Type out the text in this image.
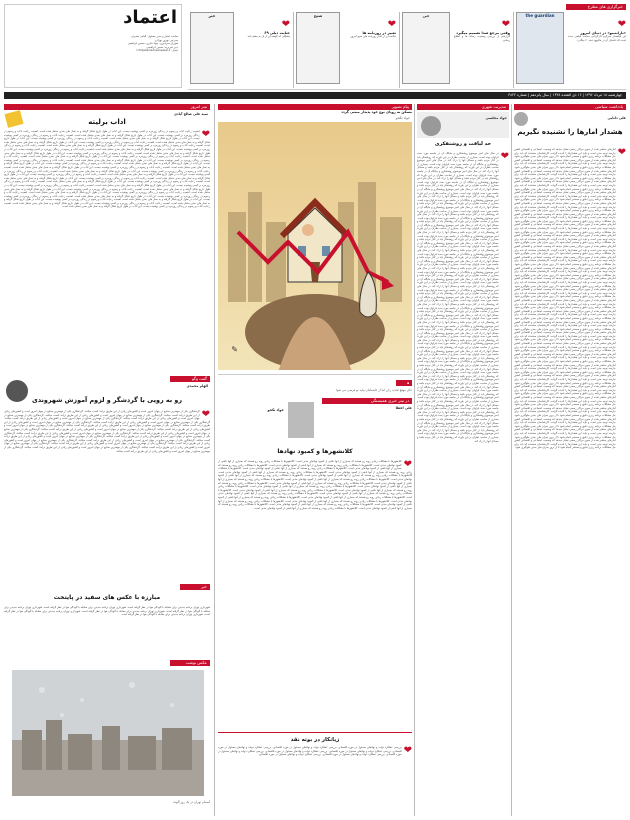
اعتماد
صاحب امتیاز و مدیر مسئول: الیاس حضرتی
سردبیر: بهروز بهزادی
شورای سردبیری: جواد دلیری، حسین ابراهیمی
دبیر تحریریه: حسین ابراهیمی
ایمیل: info@etemadnewspaper.ir
خبرگزاری های مطرح
the guardian
❤
«تارانتینو» در دنیای امروز
این فیلمساز سرگرم کارگردانی ساخت فیلمی جدید است که داستان آن در هالیوود دهه ۶۰ میگذرد.
جی
❤
وقتی مرجع صدا تصمیم میگیرد
گزارشی از بررسی وضعیت رسانه ها و اطلاع رسانی.
صبح
❤
تغییر در روزنامه ها
خلاصه ای از اخبار روزنامه های صبح امروز.
خبر
❤
جنایت دیلی ۶۹
مشکلی که گوشه ای از آن به چشم آمد.
چهارشنبه ۱۸ مرداد ۱۳۹۶ | ۱۶ ذی القعده ۱۴۳۸ | سال پانزدهم | شماره ۳۸۲۲
یادداشت سیاسی
علی دانایی
هشدار آمارها را نشنیده نگیریم
❤
آمارهای منتشر شده از سوی مراکز رسمی نشان میدهد که وضعیت اجتماعی و اقتصادی کشور نیازمند توجه جدی است و نباید این هشدارها را نادیده گرفت. کارشناسان معتقدند که باید برای حل مشکلات برنامه ریزی دقیق و مستمر انجام شود تا از بروز بحران های بعدی جلوگیری شود. آمارهای منتشر شده از سوی مراکز رسمی نشان میدهد که وضعیت اجتماعی و اقتصادی کشور نیازمند توجه جدی است و نباید این هشدارها را نادیده گرفت. کارشناسان معتقدند که باید برای حل مشکلات برنامه ریزی دقیق و مستمر انجام شود تا از بروز بحران های بعدی جلوگیری شود. آمارهای منتشر شده از سوی مراکز رسمی نشان میدهد که وضعیت اجتماعی و اقتصادی کشور نیازمند توجه جدی است و نباید این هشدارها را نادیده گرفت. کارشناسان معتقدند که باید برای حل مشکلات برنامه ریزی دقیق و مستمر انجام شود تا از بروز بحران های بعدی جلوگیری شود. آمارهای منتشر شده از سوی مراکز رسمی نشان میدهد که وضعیت اجتماعی و اقتصادی کشور نیازمند توجه جدی است و نباید این هشدارها را نادیده گرفت. کارشناسان معتقدند که باید برای حل مشکلات برنامه ریزی دقیق و مستمر انجام شود تا از بروز بحران های بعدی جلوگیری شود. آمارهای منتشر شده از سوی مراکز رسمی نشان میدهد که وضعیت اجتماعی و اقتصادی کشور نیازمند توجه جدی است و نباید این هشدارها را نادیده گرفت. کارشناسان معتقدند که باید برای حل مشکلات برنامه ریزی دقیق و مستمر انجام شود تا از بروز بحران های بعدی جلوگیری شود. آمارهای منتشر شده از سوی مراکز رسمی نشان میدهد که وضعیت اجتماعی و اقتصادی کشور نیازمند توجه جدی است و نباید این هشدارها را نادیده گرفت. کارشناسان معتقدند که باید برای حل مشکلات برنامه ریزی دقیق و مستمر انجام شود تا از بروز بحران های بعدی جلوگیری شود. آمارهای منتشر شده از سوی مراکز رسمی نشان میدهد که وضعیت اجتماعی و اقتصادی کشور نیازمند توجه جدی است و نباید این هشدارها را نادیده گرفت. کارشناسان معتقدند که باید برای حل مشکلات برنامه ریزی دقیق و مستمر انجام شود تا از بروز بحران های بعدی جلوگیری شود. آمارهای منتشر شده از سوی مراکز رسمی نشان میدهد که وضعیت اجتماعی و اقتصادی کشور نیازمند توجه جدی است و نباید این هشدارها را نادیده گرفت. کارشناسان معتقدند که باید برای حل مشکلات برنامه ریزی دقیق و مستمر انجام شود تا از بروز بحران های بعدی جلوگیری شود. آمارهای منتشر شده از سوی مراکز رسمی نشان میدهد که وضعیت اجتماعی و اقتصادی کشور نیازمند توجه جدی است و نباید این هشدارها را نادیده گرفت. کارشناسان معتقدند که باید برای حل مشکلات برنامه ریزی دقیق و مستمر انجام شود تا از بروز بحران های بعدی جلوگیری شود. آمارهای منتشر شده از سوی مراکز رسمی نشان میدهد که وضعیت اجتماعی و اقتصادی کشور نیازمند توجه جدی است و نباید این هشدارها را نادیده گرفت. کارشناسان معتقدند که باید برای حل مشکلات برنامه ریزی دقیق و مستمر انجام شود تا از بروز بحران های بعدی جلوگیری شود. آمارهای منتشر شده از سوی مراکز رسمی نشان میدهد که وضعیت اجتماعی و اقتصادی کشور نیازمند توجه جدی است و نباید این هشدارها را نادیده گرفت. کارشناسان معتقدند که باید برای حل مشکلات برنامه ریزی دقیق و مستمر انجام شود تا از بروز بحران های بعدی جلوگیری شود. آمارهای منتشر شده از سوی مراکز رسمی نشان میدهد که وضعیت اجتماعی و اقتصادی کشور نیازمند توجه جدی است و نباید این هشدارها را نادیده گرفت. کارشناسان معتقدند که باید برای حل مشکلات برنامه ریزی دقیق و مستمر انجام شود تا از بروز بحران های بعدی جلوگیری شود. آمارهای منتشر شده از سوی مراکز رسمی نشان میدهد که وضعیت اجتماعی و اقتصادی کشور نیازمند توجه جدی است و نباید این هشدارها را نادیده گرفت. کارشناسان معتقدند که باید برای حل مشکلات برنامه ریزی دقیق و مستمر انجام شود تا از بروز بحران های بعدی جلوگیری شود. آمارهای منتشر شده از سوی مراکز رسمی نشان میدهد که وضعیت اجتماعی و اقتصادی کشور نیازمند توجه جدی است و نباید این هشدارها را نادیده گرفت. کارشناسان معتقدند که باید برای حل مشکلات برنامه ریزی دقیق و مستمر انجام شود تا از بروز بحران های بعدی جلوگیری شود. آمارهای منتشر شده از سوی مراکز رسمی نشان میدهد که وضعیت اجتماعی و اقتصادی کشور نیازمند توجه جدی است و نباید این هشدارها را نادیده گرفت. کارشناسان معتقدند که باید برای حل مشکلات برنامه ریزی دقیق و مستمر انجام شود تا از بروز بحران های بعدی جلوگیری شود. آمارهای منتشر شده از سوی مراکز رسمی نشان میدهد که وضعیت اجتماعی و اقتصادی کشور نیازمند توجه جدی است و نباید این هشدارها را نادیده گرفت. کارشناسان معتقدند که باید برای حل مشکلات برنامه ریزی دقیق و مستمر انجام شود تا از بروز بحران های بعدی جلوگیری شود. آمارهای منتشر شده از سوی مراکز رسمی نشان میدهد که وضعیت اجتماعی و اقتصادی کشور نیازمند توجه جدی است و نباید این هشدارها را نادیده گرفت. کارشناسان معتقدند که باید برای حل مشکلات برنامه ریزی دقیق و مستمر انجام شود تا از بروز بحران های بعدی جلوگیری شود. آمارهای منتشر شده از سوی مراکز رسمی نشان میدهد که وضعیت اجتماعی و اقتصادی کشور نیازمند توجه جدی است و نباید این هشدارها را نادیده گرفت. کارشناسان معتقدند که باید برای حل مشکلات برنامه ریزی دقیق و مستمر انجام شود تا از بروز بحران های بعدی جلوگیری شود. آمارهای منتشر شده از سوی مراکز رسمی نشان میدهد که وضعیت اجتماعی و اقتصادی کشور نیازمند توجه جدی است و نباید این هشدارها را نادیده گرفت. کارشناسان معتقدند که باید برای حل مشکلات برنامه ریزی دقیق و مستمر انجام شود تا از بروز بحران های بعدی جلوگیری شود. آمارهای منتشر شده از سوی مراکز رسمی نشان میدهد که وضعیت اجتماعی و اقتصادی کشور نیازمند توجه جدی است و نباید این هشدارها را نادیده گرفت. کارشناسان معتقدند که باید برای حل مشکلات برنامه ریزی دقیق و مستمر انجام شود تا از بروز بحران های بعدی جلوگیری شود. آمارهای منتشر شده از سوی مراکز رسمی نشان میدهد که وضعیت اجتماعی و اقتصادی کشور نیازمند توجه جدی است و نباید این هشدارها را نادیده گرفت. کارشناسان معتقدند که باید برای حل مشکلات برنامه ریزی دقیق و مستمر انجام شود تا از بروز بحران های بعدی جلوگیری شود. آمارهای منتشر شده از سوی مراکز رسمی نشان میدهد که وضعیت اجتماعی و اقتصادی کشور نیازمند توجه جدی است و نباید این هشدارها را نادیده گرفت. کارشناسان معتقدند که باید برای حل مشکلات برنامه ریزی دقیق و مستمر انجام شود تا از بروز بحران های بعدی جلوگیری شود. آمارهای منتشر شده از سوی مراکز رسمی نشان میدهد که وضعیت اجتماعی و اقتصادی کشور نیازمند توجه جدی است و نباید این هشدارها را نادیده گرفت. کارشناسان معتقدند که باید برای حل مشکلات برنامه ریزی دقیق و مستمر انجام شود تا از بروز بحران های بعدی جلوگیری شود. آمارهای منتشر شده از سوی مراکز رسمی نشان میدهد که وضعیت اجتماعی و اقتصادی کشور نیازمند توجه جدی است و نباید این هشدارها را نادیده گرفت. کارشناسان معتقدند که باید برای حل مشکلات برنامه ریزی دقیق و مستمر انجام شود تا از بروز بحران های بعدی جلوگیری شود. آمارهای منتشر شده از سوی مراکز رسمی نشان میدهد که وضعیت اجتماعی و اقتصادی کشور نیازمند توجه جدی است و نباید این هشدارها را نادیده گرفت. کارشناسان معتقدند که باید برای حل مشکلات برنامه ریزی دقیق و مستمر انجام شود تا از بروز بحران های بعدی جلوگیری شود. آمارهای منتشر شده از سوی مراکز رسمی نشان میدهد که وضعیت اجتماعی و اقتصادی کشور نیازمند توجه جدی است و نباید این هشدارها را نادیده گرفت. کارشناسان معتقدند که باید برای حل مشکلات برنامه ریزی دقیق و مستمر انجام شود تا از بروز بحران های بعدی جلوگیری شود. آمارهای منتشر شده از سوی مراکز رسمی نشان میدهد که وضعیت اجتماعی و اقتصادی کشور نیازمند توجه جدی است و نباید این هشدارها را نادیده گرفت. کارشناسان معتقدند که باید برای حل مشکلات برنامه ریزی دقیق و مستمر انجام شود تا از بروز بحران های بعدی جلوگیری شود. آمارهای منتشر شده از سوی مراکز رسمی نشان میدهد که وضعیت اجتماعی و اقتصادی کشور نیازمند توجه جدی است و نباید این هشدارها را نادیده گرفت. کارشناسان معتقدند که باید برای حل مشکلات برنامه ریزی دقیق و مستمر انجام شود تا از بروز بحران های بعدی جلوگیری شود.
مدیریت شهری
جواد مجلسی
حد لیاقت و روشنفکری
❤
در سال های اخیر موضوع روشنفکری و جایگاه آن در جامعه مورد بحث فراوان بوده است. بسیاری از صاحب نظران بر این باورند که روشنفکر باید در کنار مردم باشد و مسائل آنها را درک کند. در سال های اخیر موضوع روشنفکری و جایگاه آن در جامعه مورد بحث فراوان بوده است. بسیاری از صاحب نظران بر این باورند که روشنفکر باید در کنار مردم باشد و مسائل آنها را درک کند. در سال های اخیر موضوع روشنفکری و جایگاه آن در جامعه مورد بحث فراوان بوده است. بسیاری از صاحب نظران بر این باورند که روشنفکر باید در کنار مردم باشد و مسائل آنها را درک کند. در سال های اخیر موضوع روشنفکری و جایگاه آن در جامعه مورد بحث فراوان بوده است. بسیاری از صاحب نظران بر این باورند که روشنفکر باید در کنار مردم باشد و مسائل آنها را درک کند. در سال های اخیر موضوع روشنفکری و جایگاه آن در جامعه مورد بحث فراوان بوده است. بسیاری از صاحب نظران بر این باورند که روشنفکر باید در کنار مردم باشد و مسائل آنها را درک کند. در سال های اخیر موضوع روشنفکری و جایگاه آن در جامعه مورد بحث فراوان بوده است. بسیاری از صاحب نظران بر این باورند که روشنفکر باید در کنار مردم باشد و مسائل آنها را درک کند. در سال های اخیر موضوع روشنفکری و جایگاه آن در جامعه مورد بحث فراوان بوده است. بسیاری از صاحب نظران بر این باورند که روشنفکر باید در کنار مردم باشد و مسائل آنها را درک کند. در سال های اخیر موضوع روشنفکری و جایگاه آن در جامعه مورد بحث فراوان بوده است. بسیاری از صاحب نظران بر این باورند که روشنفکر باید در کنار مردم باشد و مسائل آنها را درک کند. در سال های اخیر موضوع روشنفکری و جایگاه آن در جامعه مورد بحث فراوان بوده است. بسیاری از صاحب نظران بر این باورند که روشنفکر باید در کنار مردم باشد و مسائل آنها را درک کند. در سال های اخیر موضوع روشنفکری و جایگاه آن در جامعه مورد بحث فراوان بوده است. بسیاری از صاحب نظران بر این باورند که روشنفکر باید در کنار مردم باشد و مسائل آنها را درک کند. در سال های اخیر موضوع روشنفکری و جایگاه آن در جامعه مورد بحث فراوان بوده است. بسیاری از صاحب نظران بر این باورند که روشنفکر باید در کنار مردم باشد و مسائل آنها را درک کند. در سال های اخیر موضوع روشنفکری و جایگاه آن در جامعه مورد بحث فراوان بوده است. بسیاری از صاحب نظران بر این باورند که روشنفکر باید در کنار مردم باشد و مسائل آنها را درک کند. در سال های اخیر موضوع روشنفکری و جایگاه آن در جامعه مورد بحث فراوان بوده است. بسیاری از صاحب نظران بر این باورند که روشنفکر باید در کنار مردم باشد و مسائل آنها را درک کند. در سال های اخیر موضوع روشنفکری و جایگاه آن در جامعه مورد بحث فراوان بوده است. بسیاری از صاحب نظران بر این باورند که روشنفکر باید در کنار مردم باشد و مسائل آنها را درک کند. در سال های اخیر موضوع روشنفکری و جایگاه آن در جامعه مورد بحث فراوان بوده است. بسیاری از صاحب نظران بر این باورند که روشنفکر باید در کنار مردم باشد و مسائل آنها را درک کند. در سال های اخیر موضوع روشنفکری و جایگاه آن در جامعه مورد بحث فراوان بوده است. بسیاری از صاحب نظران بر این باورند که روشنفکر باید در کنار مردم باشد و مسائل آنها را درک کند. در سال های اخیر موضوع روشنفکری و جایگاه آن در جامعه مورد بحث فراوان بوده است. بسیاری از صاحب نظران بر این باورند که روشنفکر باید در کنار مردم باشد و مسائل آنها را درک کند. در سال های اخیر موضوع روشنفکری و جایگاه آن در جامعه مورد بحث فراوان بوده است. بسیاری از صاحب نظران بر این باورند که روشنفکر باید در کنار مردم باشد و مسائل آنها را درک کند. در سال های اخیر موضوع روشنفکری و جایگاه آن در جامعه مورد بحث فراوان بوده است. بسیاری از صاحب نظران بر این باورند که روشنفکر باید در کنار مردم باشد و مسائل آنها را درک کند. در سال های اخیر موضوع روشنفکری و جایگاه آن در جامعه مورد بحث فراوان بوده است. بسیاری از صاحب نظران بر این باورند که روشنفکر باید در کنار مردم باشد و مسائل آنها را درک کند. در سال های اخیر موضوع روشنفکری و جایگاه آن در جامعه مورد بحث فراوان بوده است. بسیاری از صاحب نظران بر این باورند که روشنفکر باید در کنار مردم باشد و مسائل آنها را درک کند. در سال های اخیر موضوع روشنفکری و جایگاه آن در جامعه مورد بحث فراوان بوده است. بسیاری از صاحب نظران بر این باورند که روشنفکر باید در کنار مردم باشد و مسائل آنها را درک کند. در سال های اخیر موضوع روشنفکری و جایگاه آن در جامعه مورد بحث فراوان بوده است. بسیاری از صاحب نظران بر این باورند که روشنفکر باید در کنار مردم باشد و مسائل آنها را درک کند. در سال های اخیر موضوع روشنفکری و جایگاه آن در جامعه مورد بحث فراوان بوده است. بسیاری از صاحب نظران بر این باورند که روشنفکر باید در کنار مردم باشد و مسائل آنها را درک کند. در سال های اخیر موضوع روشنفکری و جایگاه آن در جامعه مورد بحث فراوان بوده است. بسیاری از صاحب نظران بر این باورند که روشنفکر باید در کنار مردم باشد و مسائل آنها را درک کند. در سال های اخیر موضوع روشنفکری و جایگاه آن در جامعه مورد بحث فراوان بوده است. بسیاری از صاحب نظران بر این باورند که روشنفکر باید در کنار مردم باشد و مسائل آنها را درک کند. در سال های اخیر موضوع روشنفکری و جایگاه آن در جامعه مورد بحث فراوان بوده است. بسیاری از صاحب نظران بر این باورند که روشنفکر باید در کنار مردم باشد و مسائل آنها را درک کند. در سال های اخیر موضوع روشنفکری و جایگاه آن در جامعه مورد بحث فراوان بوده است. بسیاری از صاحب نظران بر این باورند که روشنفکر باید در کنار مردم باشد و مسائل آنها را درک کند. در سال های اخیر موضوع روشنفکری و جایگاه آن در جامعه مورد بحث فراوان بوده است. بسیاری از صاحب نظران بر این باورند که روشنفکر باید در کنار مردم باشد و مسائل آنها را درک کند. در سال های اخیر موضوع روشنفکری و جایگاه آن در جامعه مورد بحث فراوان بوده است. بسیاری از صاحب نظران بر این باورند که روشنفکر باید در کنار مردم باشد و مسائل آنها را درک کند. در سال های اخیر موضوع روشنفکری و جایگاه آن در جامعه مورد بحث فراوان بوده است. بسیاری از صاحب نظران بر این باورند که روشنفکر باید در کنار مردم باشد و مسائل آنها را درک کند. در سال های اخیر موضوع روشنفکری و جایگاه آن در جامعه مورد بحث فراوان بوده است. بسیاری از صاحب نظران بر این باورند که روشنفکر باید در کنار مردم باشد و مسائل آنها را درک کند.
پیام تصویر
مسکن به رویای نوع خود پدیدار مبتنی گردد
جواد تکجو
✎
▪
جای موقع تجدید رکن اما از جایسامان بیاید تو فرسی می شو!
در تیتر خبری همبستگی
علی اعظا
جواد تکجو
کلانشهرها و کمبود نهادها
❤
کلانشهرها با مشکلات زیادی روبه رو هستند که بسیاری از آنها ناشی از کمبود نهادهای مدنی است. کلانشهرها با مشکلات زیادی روبه رو هستند که بسیاری از آنها ناشی از کمبود نهادهای مدنی است. کلانشهرها با مشکلات زیادی روبه رو هستند که بسیاری از آنها ناشی از کمبود نهادهای مدنی است. کلانشهرها با مشکلات زیادی روبه رو هستند که بسیاری از آنها ناشی از کمبود نهادهای مدنی است. کلانشهرها با مشکلات زیادی روبه رو هستند که بسیاری از آنها ناشی از کمبود نهادهای مدنی است. کلانشهرها با مشکلات زیادی روبه رو هستند که بسیاری از آنها ناشی از کمبود نهادهای مدنی است. کلانشهرها با مشکلات زیادی روبه رو هستند که بسیاری از آنها ناشی از کمبود نهادهای مدنی است. کلانشهرها با مشکلات زیادی روبه رو هستند که بسیاری از آنها ناشی از کمبود نهادهای مدنی است. کلانشهرها با مشکلات زیادی روبه رو هستند که بسیاری از آنها ناشی از کمبود نهادهای مدنی است. کلانشهرها با مشکلات زیادی روبه رو هستند که بسیاری از آنها ناشی از کمبود نهادهای مدنی است. کلانشهرها با مشکلات زیادی روبه رو هستند که بسیاری از آنها ناشی از کمبود نهادهای مدنی است. کلانشهرها با مشکلات زیادی روبه رو هستند که بسیاری از آنها ناشی از کمبود نهادهای مدنی است. کلانشهرها با مشکلات زیادی روبه رو هستند که بسیاری از آنها ناشی از کمبود نهادهای مدنی است. کلانشهرها با مشکلات زیادی روبه رو هستند که بسیاری از آنها ناشی از کمبود نهادهای مدنی است. کلانشهرها با مشکلات زیادی روبه رو هستند که بسیاری از آنها ناشی از کمبود نهادهای مدنی است. کلانشهرها با مشکلات زیادی روبه رو هستند که بسیاری از آنها ناشی از کمبود نهادهای مدنی است. کلانشهرها با مشکلات زیادی روبه رو هستند که بسیاری از آنها ناشی از کمبود نهادهای مدنی است. کلانشهرها با مشکلات زیادی روبه رو هستند که بسیاری از آنها ناشی از کمبود نهادهای مدنی است. کلانشهرها با مشکلات زیادی روبه رو هستند که بسیاری از آنها ناشی از کمبود نهادهای مدنی است. کلانشهرها با مشکلات زیادی روبه رو هستند که بسیاری از آنها ناشی از کمبود نهادهای مدنی است. کلانشهرها با مشکلات زیادی روبه رو هستند که بسیاری از آنها ناشی از کمبود نهادهای مدنی است. کلانشهرها با مشکلات زیادی روبه رو هستند که بسیاری از آنها ناشی از کمبود نهادهای مدنی است. کلانشهرها با مشکلات زیادی روبه رو هستند که بسیاری از آنها ناشی از کمبود نهادهای مدنی است. کلانشهرها با مشکلات زیادی روبه رو هستند که بسیاری از آنها ناشی از کمبود نهادهای مدنی است. کلانشهرها با مشکلات زیادی روبه رو هستند که بسیاری از آنها ناشی از کمبود نهادهای مدنی است.
زیانکار در بوته نقد
❤
بررسی عملکرد دولت و نهادهای مسئول در حوزه اقتصادی. بررسی عملکرد دولت و نهادهای مسئول در حوزه اقتصادی. بررسی عملکرد دولت و نهادهای مسئول در حوزه اقتصادی. بررسی عملکرد دولت و نهادهای مسئول در حوزه اقتصادی. بررسی عملکرد دولت و نهادهای مسئول در حوزه اقتصادی. بررسی عملکرد دولت و نهادهای مسئول در حوزه اقتصادی. بررسی عملکرد دولت و نهادهای مسئول در حوزه اقتصادی. بررسی عملکرد دولت و نهادهای مسئول در حوزه اقتصادی.
تیتر امروز
سید علی صالح آبادی
آداب برلیته
❤
اهمیت رعایت آداب و رسوم در زندگی روزمره بر کسی پوشیده نیست. این آداب در طول تاریخ شکل گرفته و به نسل های بعدی منتقل شده است. اهمیت رعایت آداب و رسوم در زندگی روزمره بر کسی پوشیده نیست. این آداب در طول تاریخ شکل گرفته و به نسل های بعدی منتقل شده است. اهمیت رعایت آداب و رسوم در زندگی روزمره بر کسی پوشیده نیست. این آداب در طول تاریخ شکل گرفته و به نسل های بعدی منتقل شده است. اهمیت رعایت آداب و رسوم در زندگی روزمره بر کسی پوشیده نیست. این آداب در طول تاریخ شکل گرفته و به نسل های بعدی منتقل شده است. اهمیت رعایت آداب و رسوم در زندگی روزمره بر کسی پوشیده نیست. این آداب در طول تاریخ شکل گرفته و به نسل های بعدی منتقل شده است. اهمیت رعایت آداب و رسوم در زندگی روزمره بر کسی پوشیده نیست. این آداب در طول تاریخ شکل گرفته و به نسل های بعدی منتقل شده است. اهمیت رعایت آداب و رسوم در زندگی روزمره بر کسی پوشیده نیست. این آداب در طول تاریخ شکل گرفته و به نسل های بعدی منتقل شده است. اهمیت رعایت آداب و رسوم در زندگی روزمره بر کسی پوشیده نیست. این آداب در طول تاریخ شکل گرفته و به نسل های بعدی منتقل شده است. اهمیت رعایت آداب و رسوم در زندگی روزمره بر کسی پوشیده نیست. این آداب در طول تاریخ شکل گرفته و به نسل های بعدی منتقل شده است. اهمیت رعایت آداب و رسوم در زندگی روزمره بر کسی پوشیده نیست. این آداب در طول تاریخ شکل گرفته و به نسل های بعدی منتقل شده است. اهمیت رعایت آداب و رسوم در زندگی روزمره بر کسی پوشیده نیست. این آداب در طول تاریخ شکل گرفته و به نسل های بعدی منتقل شده است. اهمیت رعایت آداب و رسوم در زندگی روزمره بر کسی پوشیده نیست. این آداب در طول تاریخ شکل گرفته و به نسل های بعدی منتقل شده است. اهمیت رعایت آداب و رسوم در زندگی روزمره بر کسی پوشیده نیست. این آداب در طول تاریخ شکل گرفته و به نسل های بعدی منتقل شده است. اهمیت رعایت آداب و رسوم در زندگی روزمره بر کسی پوشیده نیست. این آداب در طول تاریخ شکل گرفته و به نسل های بعدی منتقل شده است. اهمیت رعایت آداب و رسوم در زندگی روزمره بر کسی پوشیده نیست. این آداب در طول تاریخ شکل گرفته و به نسل های بعدی منتقل شده است. اهمیت رعایت آداب و رسوم در زندگی روزمره بر کسی پوشیده نیست. این آداب در طول تاریخ شکل گرفته و به نسل های بعدی منتقل شده است. اهمیت رعایت آداب و رسوم در زندگی روزمره بر کسی پوشیده نیست. این آداب در طول تاریخ شکل گرفته و به نسل های بعدی منتقل شده است. اهمیت رعایت آداب و رسوم در زندگی روزمره بر کسی پوشیده نیست. این آداب در طول تاریخ شکل گرفته و به نسل های بعدی منتقل شده است. اهمیت رعایت آداب و رسوم در زندگی روزمره بر کسی پوشیده نیست. این آداب در طول تاریخ شکل گرفته و به نسل های بعدی منتقل شده است. اهمیت رعایت آداب و رسوم در زندگی روزمره بر کسی پوشیده نیست. این آداب در طول تاریخ شکل گرفته و به نسل های بعدی منتقل شده است. اهمیت رعایت آداب و رسوم در زندگی روزمره بر کسی پوشیده نیست. این آداب در طول تاریخ شکل گرفته و به نسل های بعدی منتقل شده است. اهمیت رعایت آداب و رسوم در زندگی روزمره بر کسی پوشیده نیست. این آداب در طول تاریخ شکل گرفته و به نسل های بعدی منتقل شده است. اهمیت رعایت آداب و رسوم در زندگی روزمره بر کسی پوشیده نیست. این آداب در طول تاریخ شکل گرفته و به نسل های بعدی منتقل شده است. اهمیت رعایت آداب و رسوم در زندگی روزمره بر کسی پوشیده نیست. این آداب در طول تاریخ شکل گرفته و به نسل های بعدی منتقل شده است. اهمیت رعایت آداب و رسوم در زندگی روزمره بر کسی پوشیده نیست. این آداب در طول تاریخ شکل گرفته و به نسل های بعدی منتقل شده است. اهمیت رعایت آداب و رسوم در زندگی روزمره بر کسی پوشیده نیست. این آداب در طول تاریخ شکل گرفته و به نسل های بعدی منتقل شده است. اهمیت رعایت آداب و رسوم در زندگی روزمره بر کسی پوشیده نیست. این آداب در طول تاریخ شکل گرفته و به نسل های بعدی منتقل شده است. اهمیت رعایت آداب و رسوم در زندگی روزمره بر کسی پوشیده نیست. این آداب در طول تاریخ شکل گرفته و به نسل های بعدی منتقل شده است.
گفت وگو
الهام محمدی
رو به رویی با گردشگر و لزوم آموزش شهروندی
❤
گردشگری یکی از مهمترین صنایع در جهان امروز است و کشورهای زیادی از این طریق درآمد کسب میکنند. گردشگری یکی از مهمترین صنایع در جهان امروز است و کشورهای زیادی از این طریق درآمد کسب میکنند. گردشگری یکی از مهمترین صنایع در جهان امروز است و کشورهای زیادی از این طریق درآمد کسب میکنند. گردشگری یکی از مهمترین صنایع در جهان امروز است و کشورهای زیادی از این طریق درآمد کسب میکنند. گردشگری یکی از مهمترین صنایع در جهان امروز است و کشورهای زیادی از این طریق درآمد کسب میکنند. گردشگری یکی از مهمترین صنایع در جهان امروز است و کشورهای زیادی از این طریق درآمد کسب میکنند. گردشگری یکی از مهمترین صنایع در جهان امروز است و کشورهای زیادی از این طریق درآمد کسب میکنند. گردشگری یکی از مهمترین صنایع در جهان امروز است و کشورهای زیادی از این طریق درآمد کسب میکنند. گردشگری یکی از مهمترین صنایع در جهان امروز است و کشورهای زیادی از این طریق درآمد کسب میکنند. گردشگری یکی از مهمترین صنایع در جهان امروز است و کشورهای زیادی از این طریق درآمد کسب میکنند. گردشگری یکی از مهمترین صنایع در جهان امروز است و کشورهای زیادی از این طریق درآمد کسب میکنند. گردشگری یکی از مهمترین صنایع در جهان امروز است و کشورهای زیادی از این طریق درآمد کسب میکنند. گردشگری یکی از مهمترین صنایع در جهان امروز است و کشورهای زیادی از این طریق درآمد کسب میکنند. گردشگری یکی از مهمترین صنایع در جهان امروز است و کشورهای زیادی از این طریق درآمد کسب میکنند. گردشگری یکی از مهمترین صنایع در جهان امروز است و کشورهای زیادی از این طریق درآمد کسب میکنند. گردشگری یکی از مهمترین صنایع در جهان امروز است و کشورهای زیادی از این طریق درآمد کسب میکنند. گردشگری یکی از مهمترین صنایع در جهان امروز است و کشورهای زیادی از این طریق درآمد کسب میکنند. گردشگری یکی از مهمترین صنایع در جهان امروز است و کشورهای زیادی از این طریق درآمد کسب میکنند. گردشگری یکی از مهمترین صنایع در جهان امروز است و کشورهای زیادی از این طریق درآمد کسب میکنند. گردشگری یکی از مهمترین صنایع در جهان امروز است و کشورهای زیادی از این طریق درآمد کسب میکنند.
خبر
مبارزه با عکس های سفید در پایتخت
شهرداری تهران برنامه جدیدی برای مقابله با آلودگی هوا در نظر گرفته است. شهرداری تهران برنامه جدیدی برای مقابله با آلودگی هوا در نظر گرفته است. شهرداری تهران برنامه جدیدی برای مقابله با آلودگی هوا در نظر گرفته است. شهرداری تهران برنامه جدیدی برای مقابله با آلودگی هوا در نظر گرفته است. شهرداری تهران برنامه جدیدی برای مقابله با آلودگی هوا در نظر گرفته است. شهرداری تهران برنامه جدیدی برای مقابله با آلودگی هوا در نظر گرفته است.
عکس نوشت
آسمان تهران در یک روز آلوده
